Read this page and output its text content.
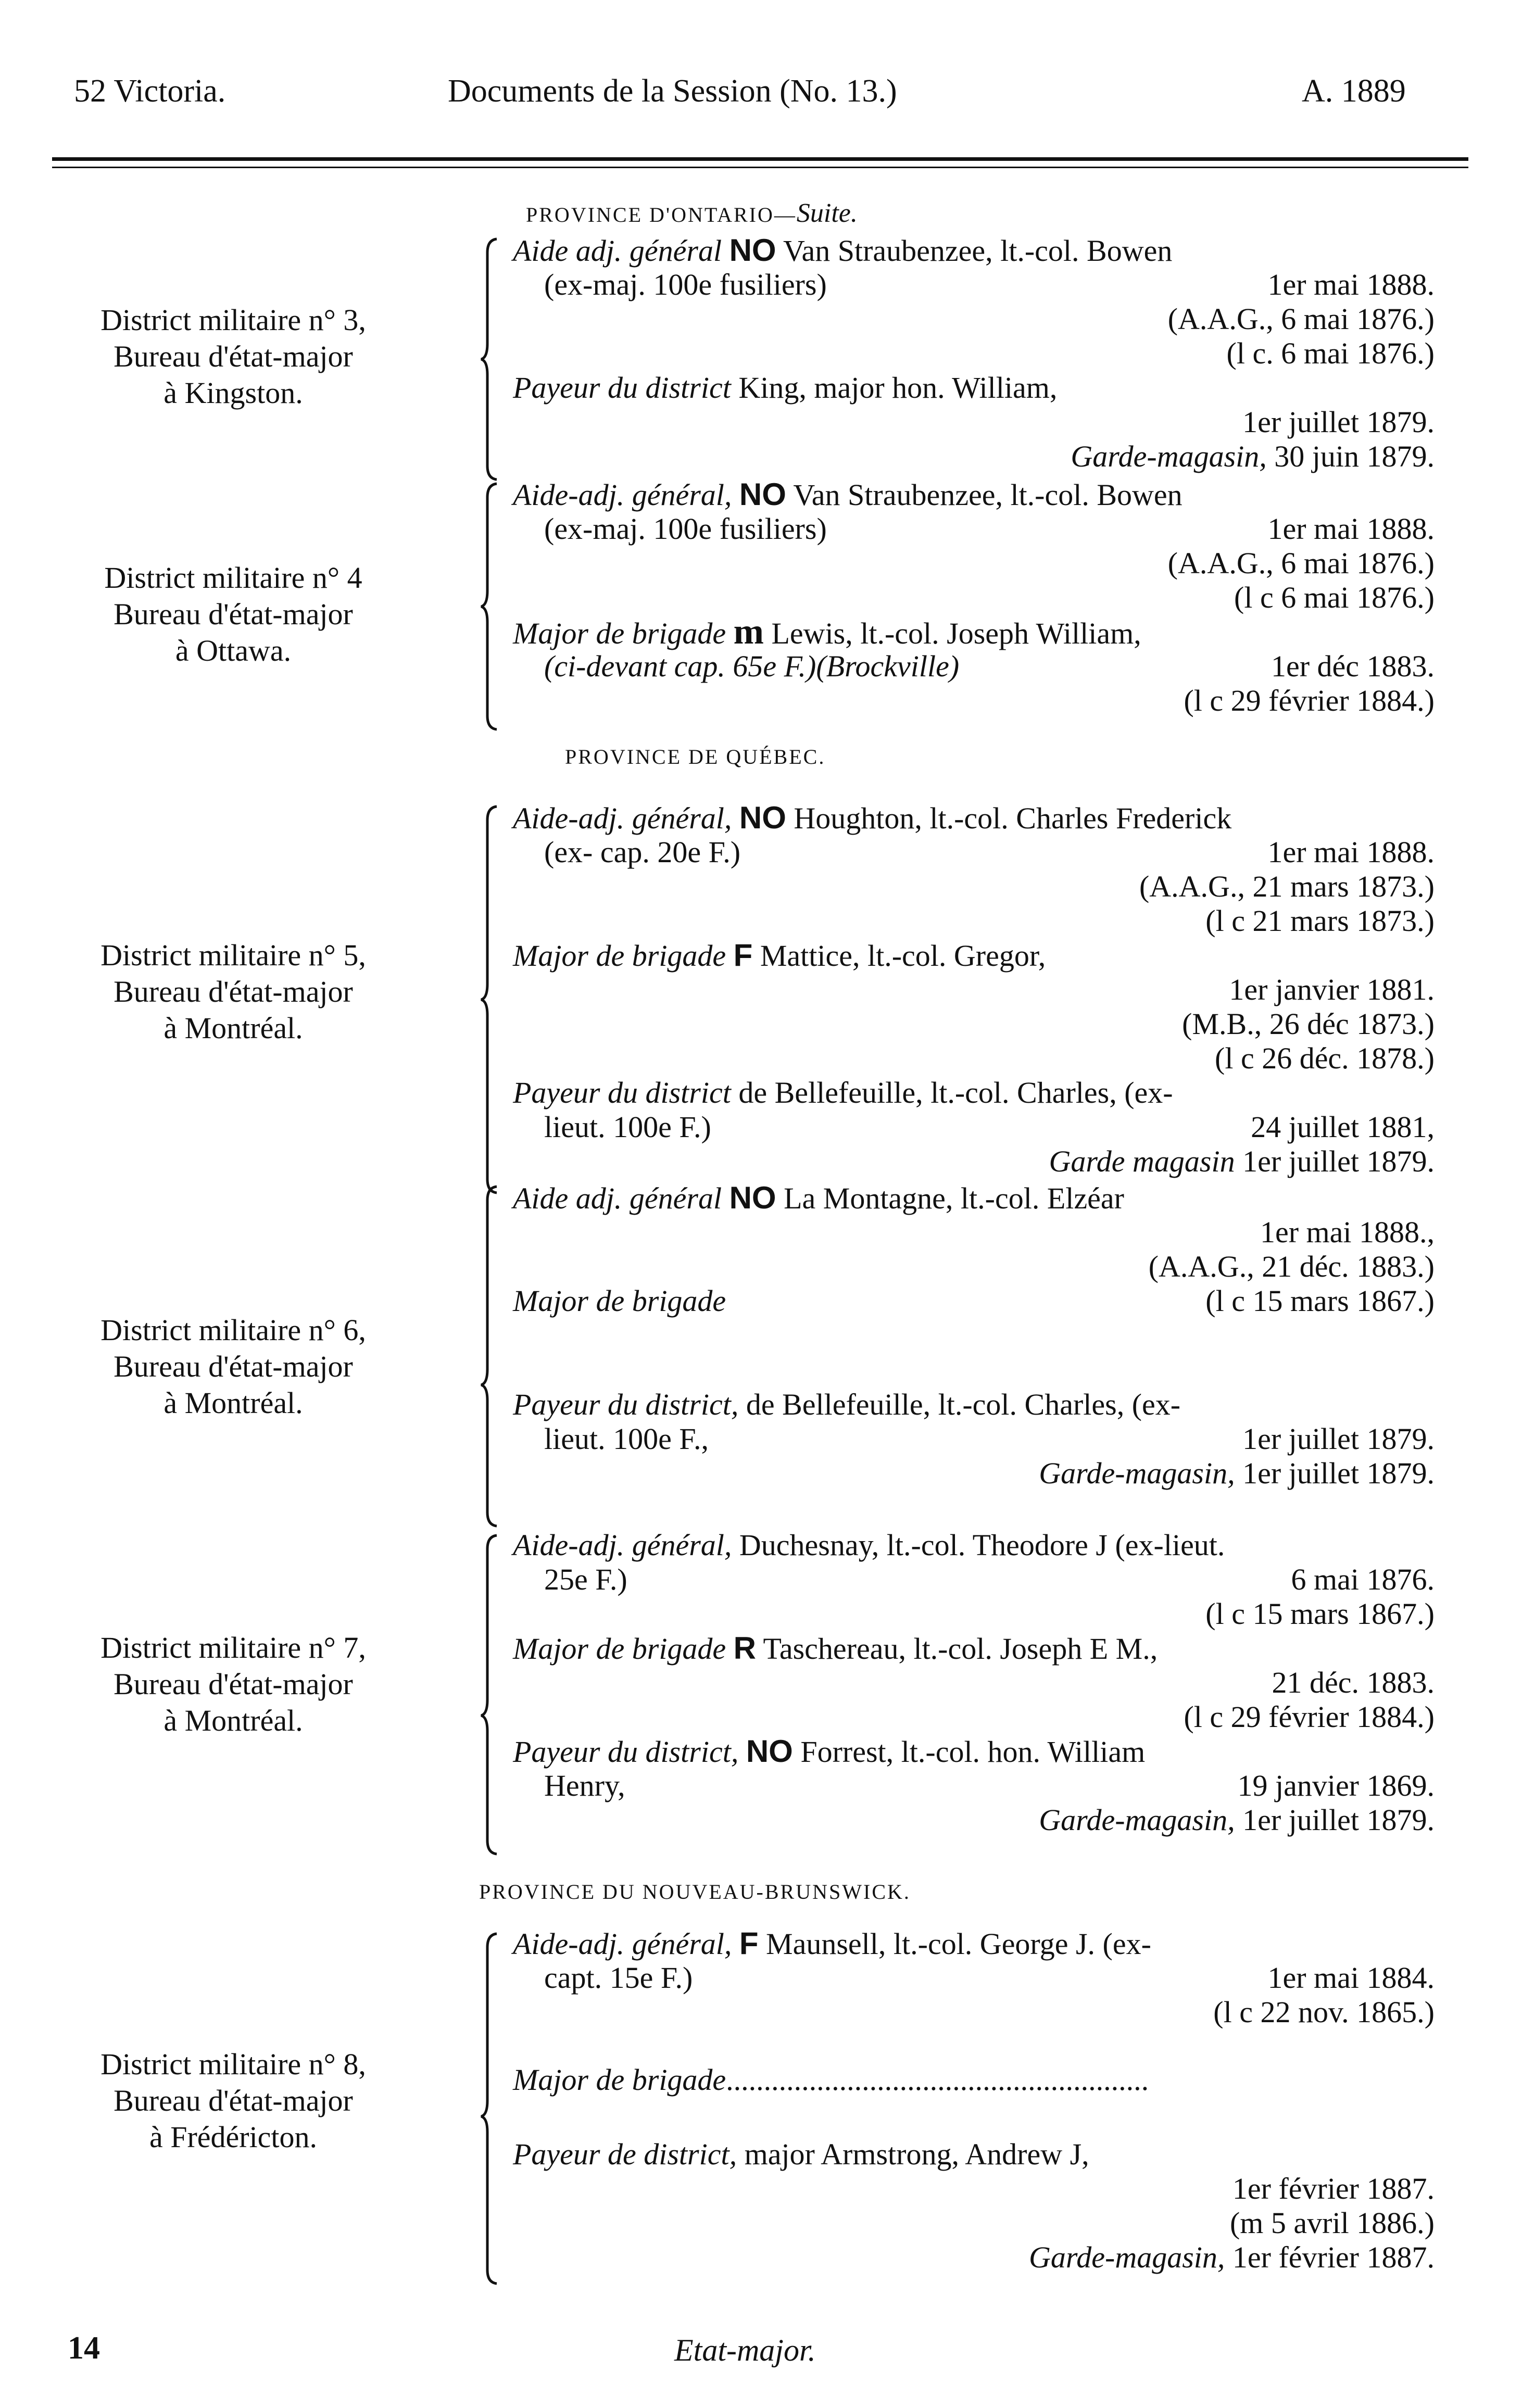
52 Victoria.	Documents de la Session (No. 13.)	A. 1889
PROVINCE D'ONTARIO—Suite.
PROVINCE DE QUÉBEC.
PROVINCE DU NOUVEAU-BRUNSWICK.
District militaire n° 3,
Bureau d'état-major
à Kingston.
Aide adj. général NO Van Straubenzee, lt.-col. Bowen
(ex-maj. 100e fusiliers)	1er mai 1888.
(A.A.G., 6 mai 1876.)
(l c. 6 mai 1876.)
Payeur du district King, major hon. William,
1er juillet 1879.
Garde-magasin, 30 juin 1879.
District militaire n° 4
Bureau d'état-major
à Ottawa.
Aide-adj. général, NO Van Straubenzee, lt.-col. Bowen
(ex-maj. 100e fusiliers)	1er mai 1888.
(A.A.G., 6 mai 1876.)
(l c 6 mai 1876.)
Major de brigade m Lewis, lt.-col. Joseph William,
(ci-devant cap. 65e F.)(Brockville)	1er déc 1883.
(l c 29 février 1884.)
District militaire n° 5,
Bureau d'état-major
à Montréal.
Aide-adj. général, NO Houghton, lt.-col. Charles Frederick
(ex- cap. 20e F.)	1er mai 1888.
(A.A.G., 21 mars 1873.)
(l c 21 mars 1873.)
Major de brigade F Mattice, lt.-col. Gregor,
1er janvier 1881.
(M.B., 26 déc 1873.)
(l c 26 déc. 1878.)
Payeur du district de Bellefeuille, lt.-col. Charles, (ex-
lieut. 100e F.)	24 juillet 1881,
Garde magasin 1er juillet 1879.
District militaire n° 6,
Bureau d'état-major
à Montréal.
Aide adj. général NO La Montagne, lt.-col. Elzéar
1er mai 1888.,
(A.A.G., 21 déc. 1883.)
Major de brigade	(l c 15 mars 1867.)
Payeur du district, de Bellefeuille, lt.-col. Charles, (ex-
lieut. 100e F.,	1er juillet 1879.
Garde-magasin, 1er juillet 1879.
District militaire n° 7,
Bureau d'état-major
à Montréal.
Aide-adj. général, Duchesnay, lt.-col. Theodore J (ex-lieut.
25e F.)	6 mai 1876.
(l c 15 mars 1867.)
Major de brigade R Taschereau, lt.-col. Joseph E M.,
21 déc. 1883.
(l c 29 février 1884.)
Payeur du district, NO Forrest, lt.-col. hon. William
Henry,	19 janvier 1869.
Garde-magasin, 1er juillet 1879.
District militaire n° 8,
Bureau d'état-major
à Frédéricton.
Aide-adj. général, F Maunsell, lt.-col. George J. (ex-
capt. 15e F.)	1er mai 1884.
(l c 22 nov. 1865.)
Major de brigade........................................................
Payeur de district, major Armstrong, Andrew J,
1er février 1887.
(m 5 avril 1886.)
Garde-magasin, 1er février 1887.
14	Etat-major.
